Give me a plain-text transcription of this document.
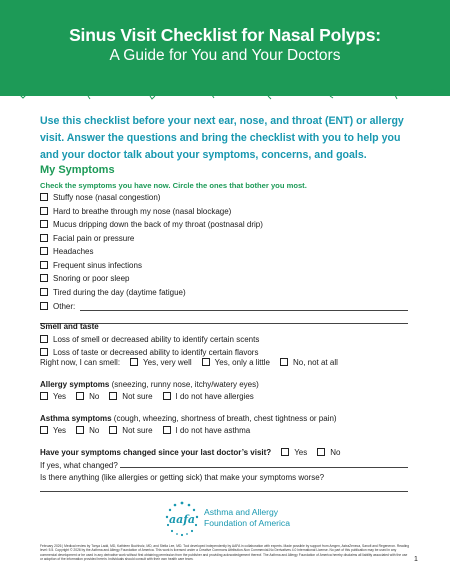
Sinus Visit Checklist for Nasal Polyps:
A Guide for You and Your Doctors
Use this checklist before your next ear, nose, and throat (ENT) or allergy
visit. Answer the questions and bring the checklist with you to help you
and your doctor talk about your symptoms, concerns, and goals.
My Symptoms
Check the symptoms you have now. Circle the ones that bother you most.
Stuffy nose (nasal congestion)
Hard to breathe through my nose (nasal blockage)
Mucus dripping down the back of my throat (postnasal drip)
Facial pain or pressure
Headaches
Frequent sinus infections
Snoring or poor sleep
Tired during the day (daytime fatigue)
Other:
Smell and taste
Loss of smell or decreased ability to identify certain scents
Loss of taste or decreased ability to identify certain flavors
Right now, I can smell:	Yes, very well	Yes, only a little	No, not at all
Allergy symptoms (sneezing, runny nose, itchy/watery eyes)
Yes	No	Not sure	I do not have allergies
Asthma symptoms (cough, wheezing, shortness of breath, chest tightness or pain)
Yes	No	Not sure	I do not have asthma
Have your symptoms changed since your last doctor’s visit?	Yes	No
If yes, what changed?
Is there anything (like allergies or getting sick) that make your symptoms worse?
aafa
Asthma and Allergy
Foundation of America
February 2026 | Medical review by Tonya Ladd, MD, Kathleen Buchholz, MD, and Stella Lee, MD. Tool developed independently by AAFA in collaboration with experts. Made possible by support from Amgen, AstraZeneca, Sanofi and Regeneron. Reading level: 5.5. Copyright © 2026 by the Asthma and Allergy Foundation of America. This work is licensed under a Creative Commons Attribution-Non Commercial-No Derivatives 4.0 International License. No part of this publication may be used in any commercial development or be used in any derivative work without first obtaining permission from the publisher and providing acknowledgement thereof. The Asthma and Allergy Foundation of America hereby disclaims all liability associated with the use or adoption of the information provided herein. Individuals should consult with their own health care team.	1
